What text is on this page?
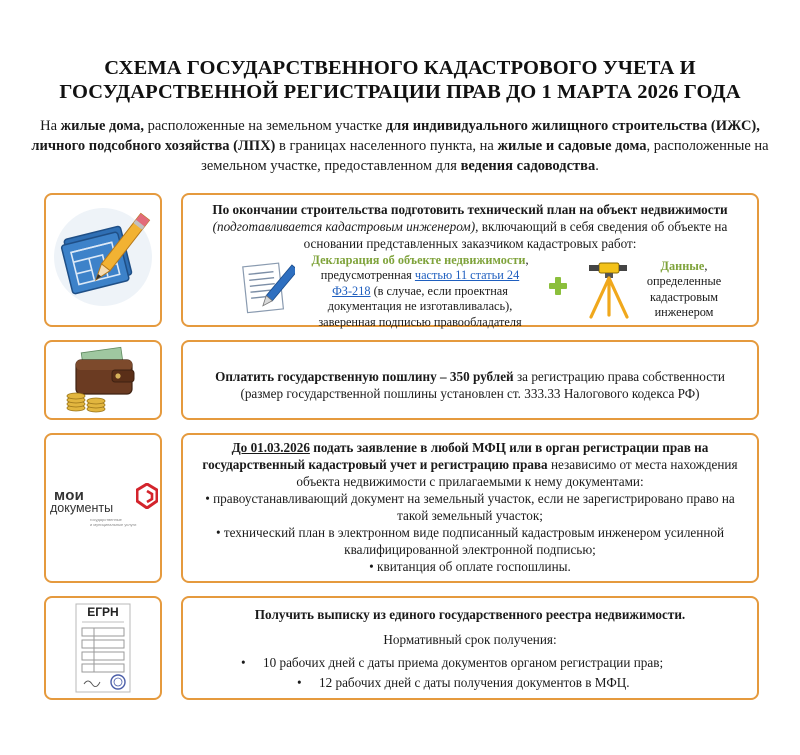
СХЕМА ГОСУДАРСТВЕННОГО КАДАСТРОВОГО УЧЕТА И
ГОСУДАРСТВЕННОЙ РЕГИСТРАЦИИ ПРАВ ДО 1 МАРТА 2026 ГОДА
На жилые дома, расположенные на земельном участке для индивидуального жилищного строительства (ИЖС), личного подсобного хозяйства (ЛПХ) в границах населенного пункта, на жилые и садовые дома, расположенные на земельном участке, предоставленном для ведения садоводства.
По окончании строительства подготовить технический план на объект недвижимости (подготавливается кадастровым инженером), включающий в себя сведения об объекте на основании представленных заказчиком кадастровых работ:
Декларация об объекте недвижимости, предусмотренная частью 11 статьи 24 ФЗ-218 (в случае, если проектная документация не изготавливалась), заверенная подписью правообладателя
Данные, определенные кадастровым инженером
Оплатить государственную пошлину – 350 рублей за регистрацию права собственности (размер государственной пошлины установлен ст. 333.33 Налогового кодекса РФ)
мои
документы
государственные
и муниципальные услуги
До 01.03.2026 подать заявление в любой МФЦ или в орган регистрации прав на государственный кадастровый учет и регистрацию права независимо от места нахождения объекта недвижимости с прилагаемыми к нему документами:
• правоустанавливающий документ на земельный участок, если не зарегистрировано право на такой земельный участок;
• технический план в электронном виде подписанный кадастровым инженером усиленной квалифицированной электронной подписью;
• квитанция об оплате госпошлины.
ЕГРН	Получить выписку из единого государственного реестра недвижимости.
Нормативный срок получения:
• 10 рабочих дней с даты приема документов органом регистрации прав;
• 12 рабочих дней с даты получения документов в МФЦ.
